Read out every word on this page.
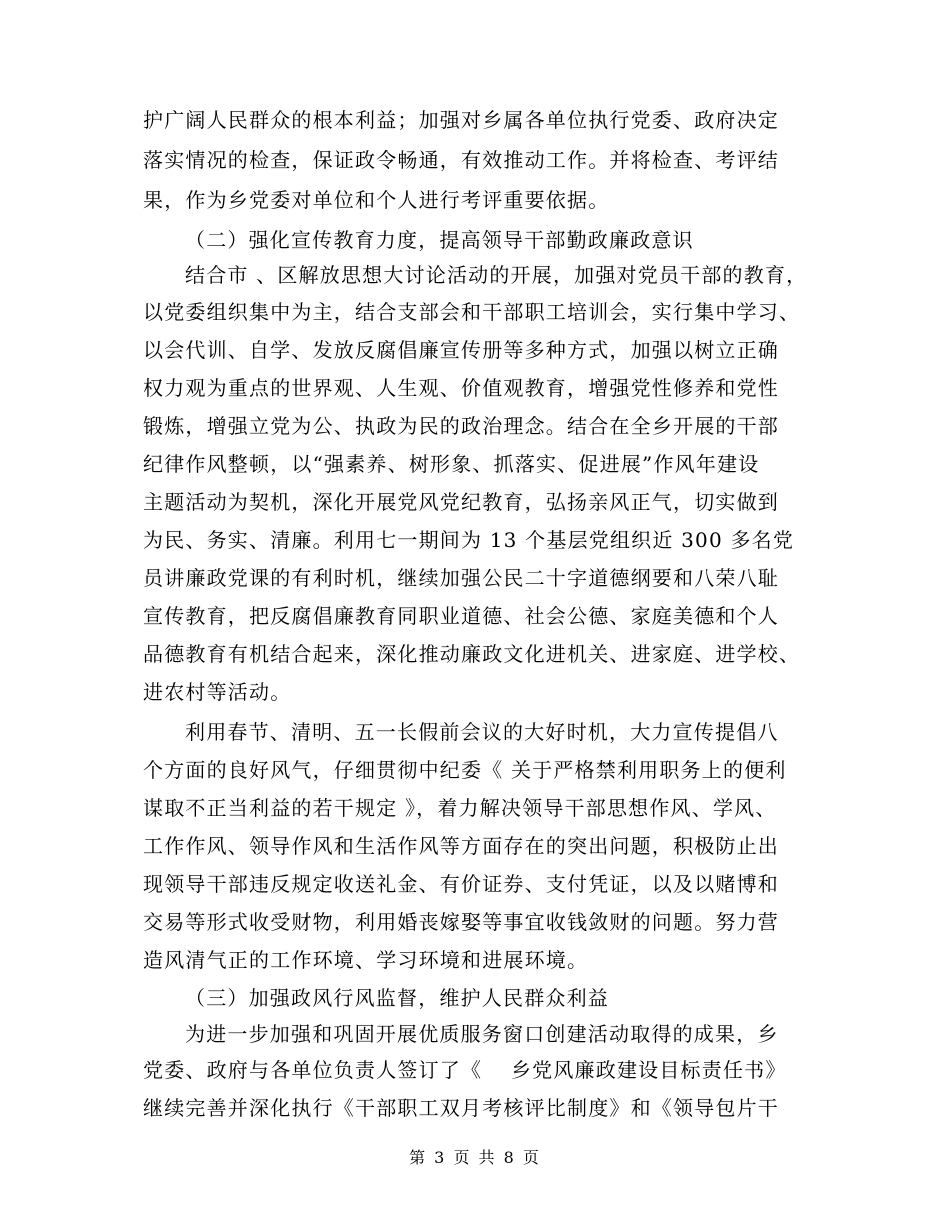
护广阔人民群众的根本利益；加强对乡属各单位执行党委、政府决定
落实情况的检查，保证政令畅通，有效推动工作。并将检查、考评结
果，作为乡党委对单位和个人进行考评重要依据。
（二）强化宣传教育力度，提高领导干部勤政廉政意识
结合市 、区解放思想大讨论活动的开展，加强对党员干部的教育，
以党委组织集中为主，结合支部会和干部职工培训会，实行集中学习、
以会代训、自学、发放反腐倡廉宣传册等多种方式，加强以树立正确
权力观为重点的世界观、人生观、价值观教育，增强党性修养和党性
锻炼，增强立党为公、执政为民的政治理念。结合在全乡开展的干部
纪律作风整顿，以“强素养、树形象、抓落实、促进展”作风年建设
主题活动为契机，深化开展党风党纪教育，弘扬亲风正气，切实做到
为民、务实、清廉。利用七一期间为 13 个基层党组织近 300 多名党
员讲廉政党课的有利时机，继续加强公民二十字道德纲要和八荣八耻
宣传教育，把反腐倡廉教育同职业道德、社会公德、家庭美德和个人
品德教育有机结合起来，深化推动廉政文化进机关、进家庭、进学校、
进农村等活动。
利用春节、清明、五一长假前会议的大好时机，大力宣传提倡八
个方面的良好风气，仔细贯彻中纪委《 关于严格禁利用职务上的便利
谋取不正当利益的若干规定 》，着力解决领导干部思想作风、学风、
工作作风、领导作风和生活作风等方面存在的突出问题，积极防止出
现领导干部违反规定收送礼金、有价证券、支付凭证，以及以赌博和
交易等形式收受财物，利用婚丧嫁娶等事宜收钱敛财的问题。努力营
造风清气正的工作环境、学习环境和进展环境。
（三）加强政风行风监督，维护人民群众利益
为进一步加强和巩固开展优质服务窗口创建活动取得的成果，乡
党委、政府与各单位负责人签订了《　 乡党风廉政建设目标责任书》
继续完善并深化执行《干部职工双月考核评比制度》和《领导包片干
第 3 页 共 8 页
